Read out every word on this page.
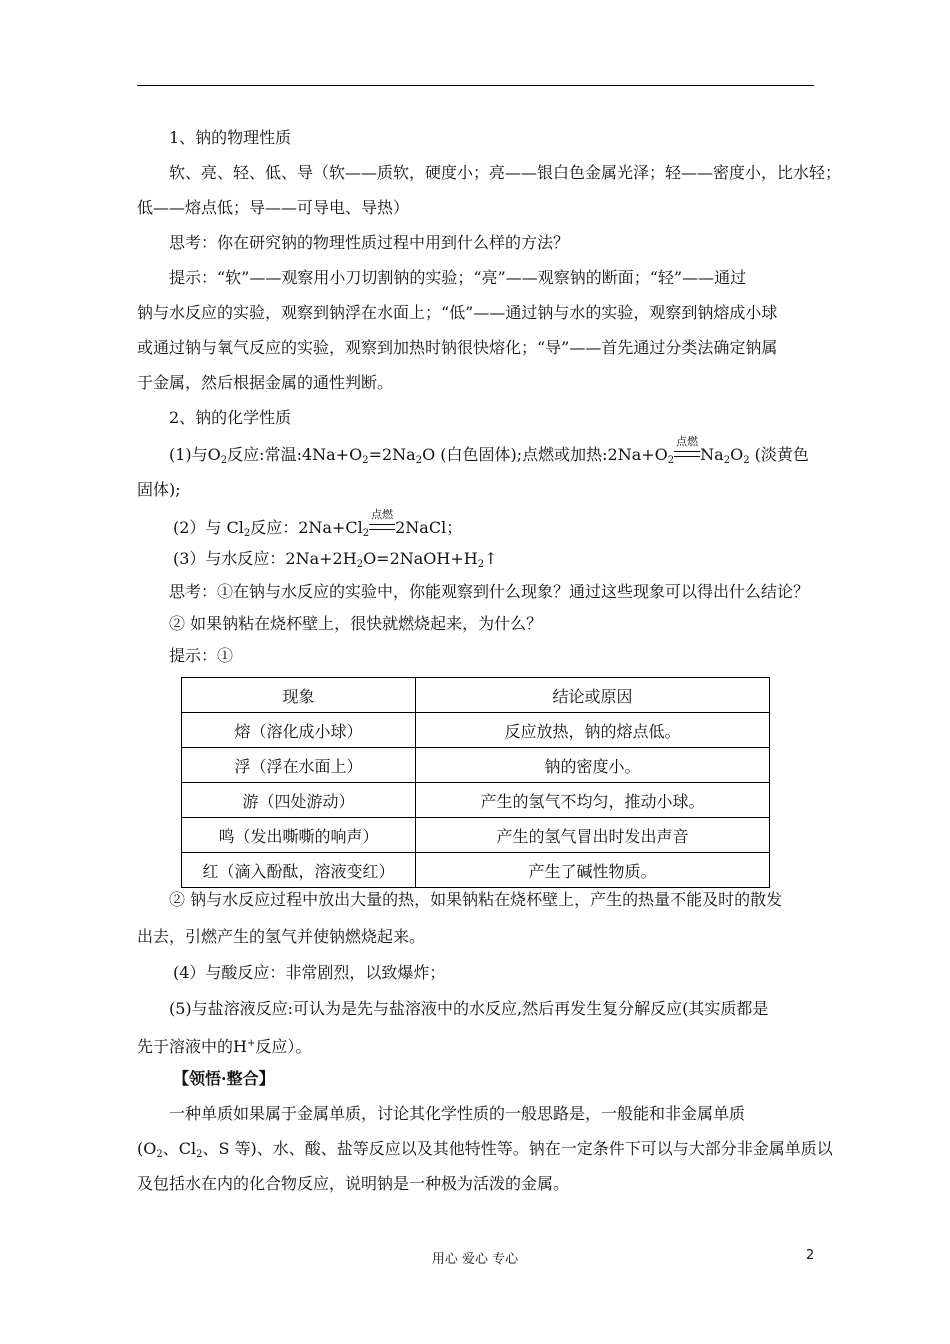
1、钠的物理性质
软、亮、轻、低、导（软——质软，硬度小；亮——银白色金属光泽；轻——密度小，比水轻；
低——熔点低；导——可导电、导热）
思考：你在研究钠的物理性质过程中用到什么样的方法？
提示：“软”——观察用小刀切割钠的实验；“亮”——观察钠的断面；“轻”——通过
钠与水反应的实验，观察到钠浮在水面上；“低”——通过钠与水的实验，观察到钠熔成小球
或通过钠与氧气反应的实验，观察到加热时钠很快熔化；“导”——首先通过分类法确定钠属
于金属，然后根据金属的通性判断。
2、钠的化学性质
(1)与$O_2$反应:常温$:4Na+O_2=2Na_2O$ (白色固体);点燃或加热$:2Na+O_2$
点燃
$Na_2O_2$ (淡黄色
固体);
(2）与 $Cl_2$反应：$2Na+Cl_2$
点燃
2NaCl；
(3）与水反应：$2Na+2H_2O=2NaOH+H_2↑$
思考：①在钠与水反应的实验中，你能观察到什么现象？通过这些现象可以得出什么结论？
② 如果钠粘在烧杯壁上，很快就燃烧起来，为什么？
提示：①
现象	结论或原因
熔（溶化成小球）	反应放热，钠的熔点低。
浮（浮在水面上）	钠的密度小。
游（四处游动）	产生的氢气不均匀，推动小球。
鸣（发出嘶嘶的响声）	产生的氢气冒出时发出声音
红（滴入酚酞，溶液变红）	产生了碱性物质。
② 钠与水反应过程中放出大量的热，如果钠粘在烧杯壁上，产生的热量不能及时的散发
出去，引燃产生的氢气并使钠燃烧起来。
(4）与酸反应：非常剧烈，以致爆炸；
(5)与盐溶液反应:可认为是先与盐溶液中的水反应,然后再发生复分解反应(其实质都是
先于溶液中的H+反应）。
【领悟·整合】
一种单质如果属于金属单质，讨论其化学性质的一般思路是，一般能和非金属单质
($O_2$、$Cl_2$、S 等)、水、酸、盐等反应以及其他特性等。钠在一定条件下可以与大部分非金属单质以
及包括水在内的化合物反应，说明钠是一种极为活泼的金属。
用心 爱心 专心	2
